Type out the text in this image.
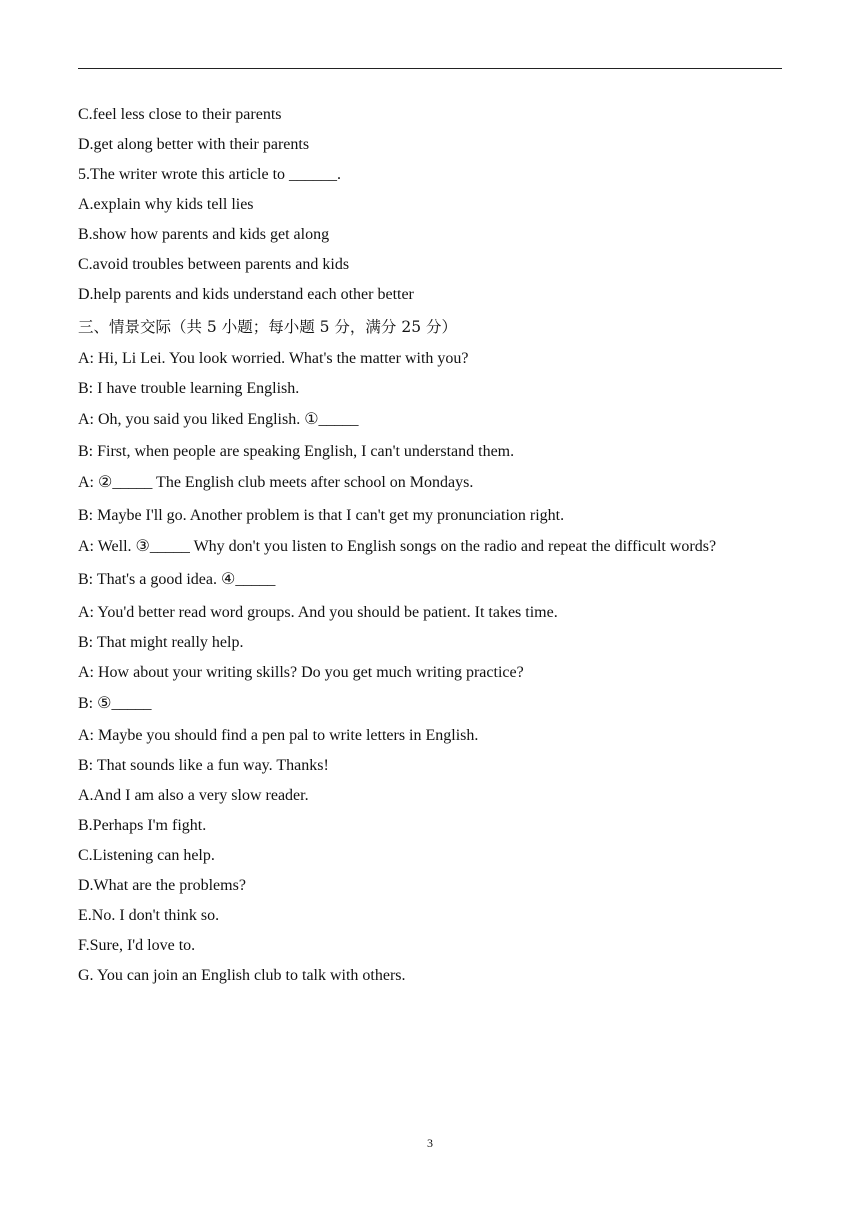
C.feel less close to their parents
D.get along better with their parents
5.The writer wrote this article to ______.
A.explain why kids tell lies
B.show how parents and kids get along
C.avoid troubles between parents and kids
D.help parents and kids understand each other better
三、情景交际（共 5 小题；每小题 5 分，满分 25 分）
A: Hi, Li Lei. You look worried. What's the matter with you?
B: I have trouble learning English.
A: Oh, you said you liked English. ①_____
B: First, when people are speaking English, I can't understand them.
A: ②_____ The English club meets after school on Mondays.
B: Maybe I'll go. Another problem is that I can't get my pronunciation right.
A: Well. ③_____ Why don't you listen to English songs on the radio and repeat the difficult words?
B: That's a good idea. ④_____
A: You'd better read word groups. And you should be patient. It takes time.
B: That might really help.
A: How about your writing skills? Do you get much writing practice?
B: ⑤_____
A: Maybe you should find a pen pal to write letters in English.
B: That sounds like a fun way. Thanks!
A.And I am also a very slow reader.
B.Perhaps I'm fight.
C.Listening can help.
D.What are the problems?
E.No. I don't think so.
F.Sure, I'd love to.
G. You can join an English club to talk with others.
3
